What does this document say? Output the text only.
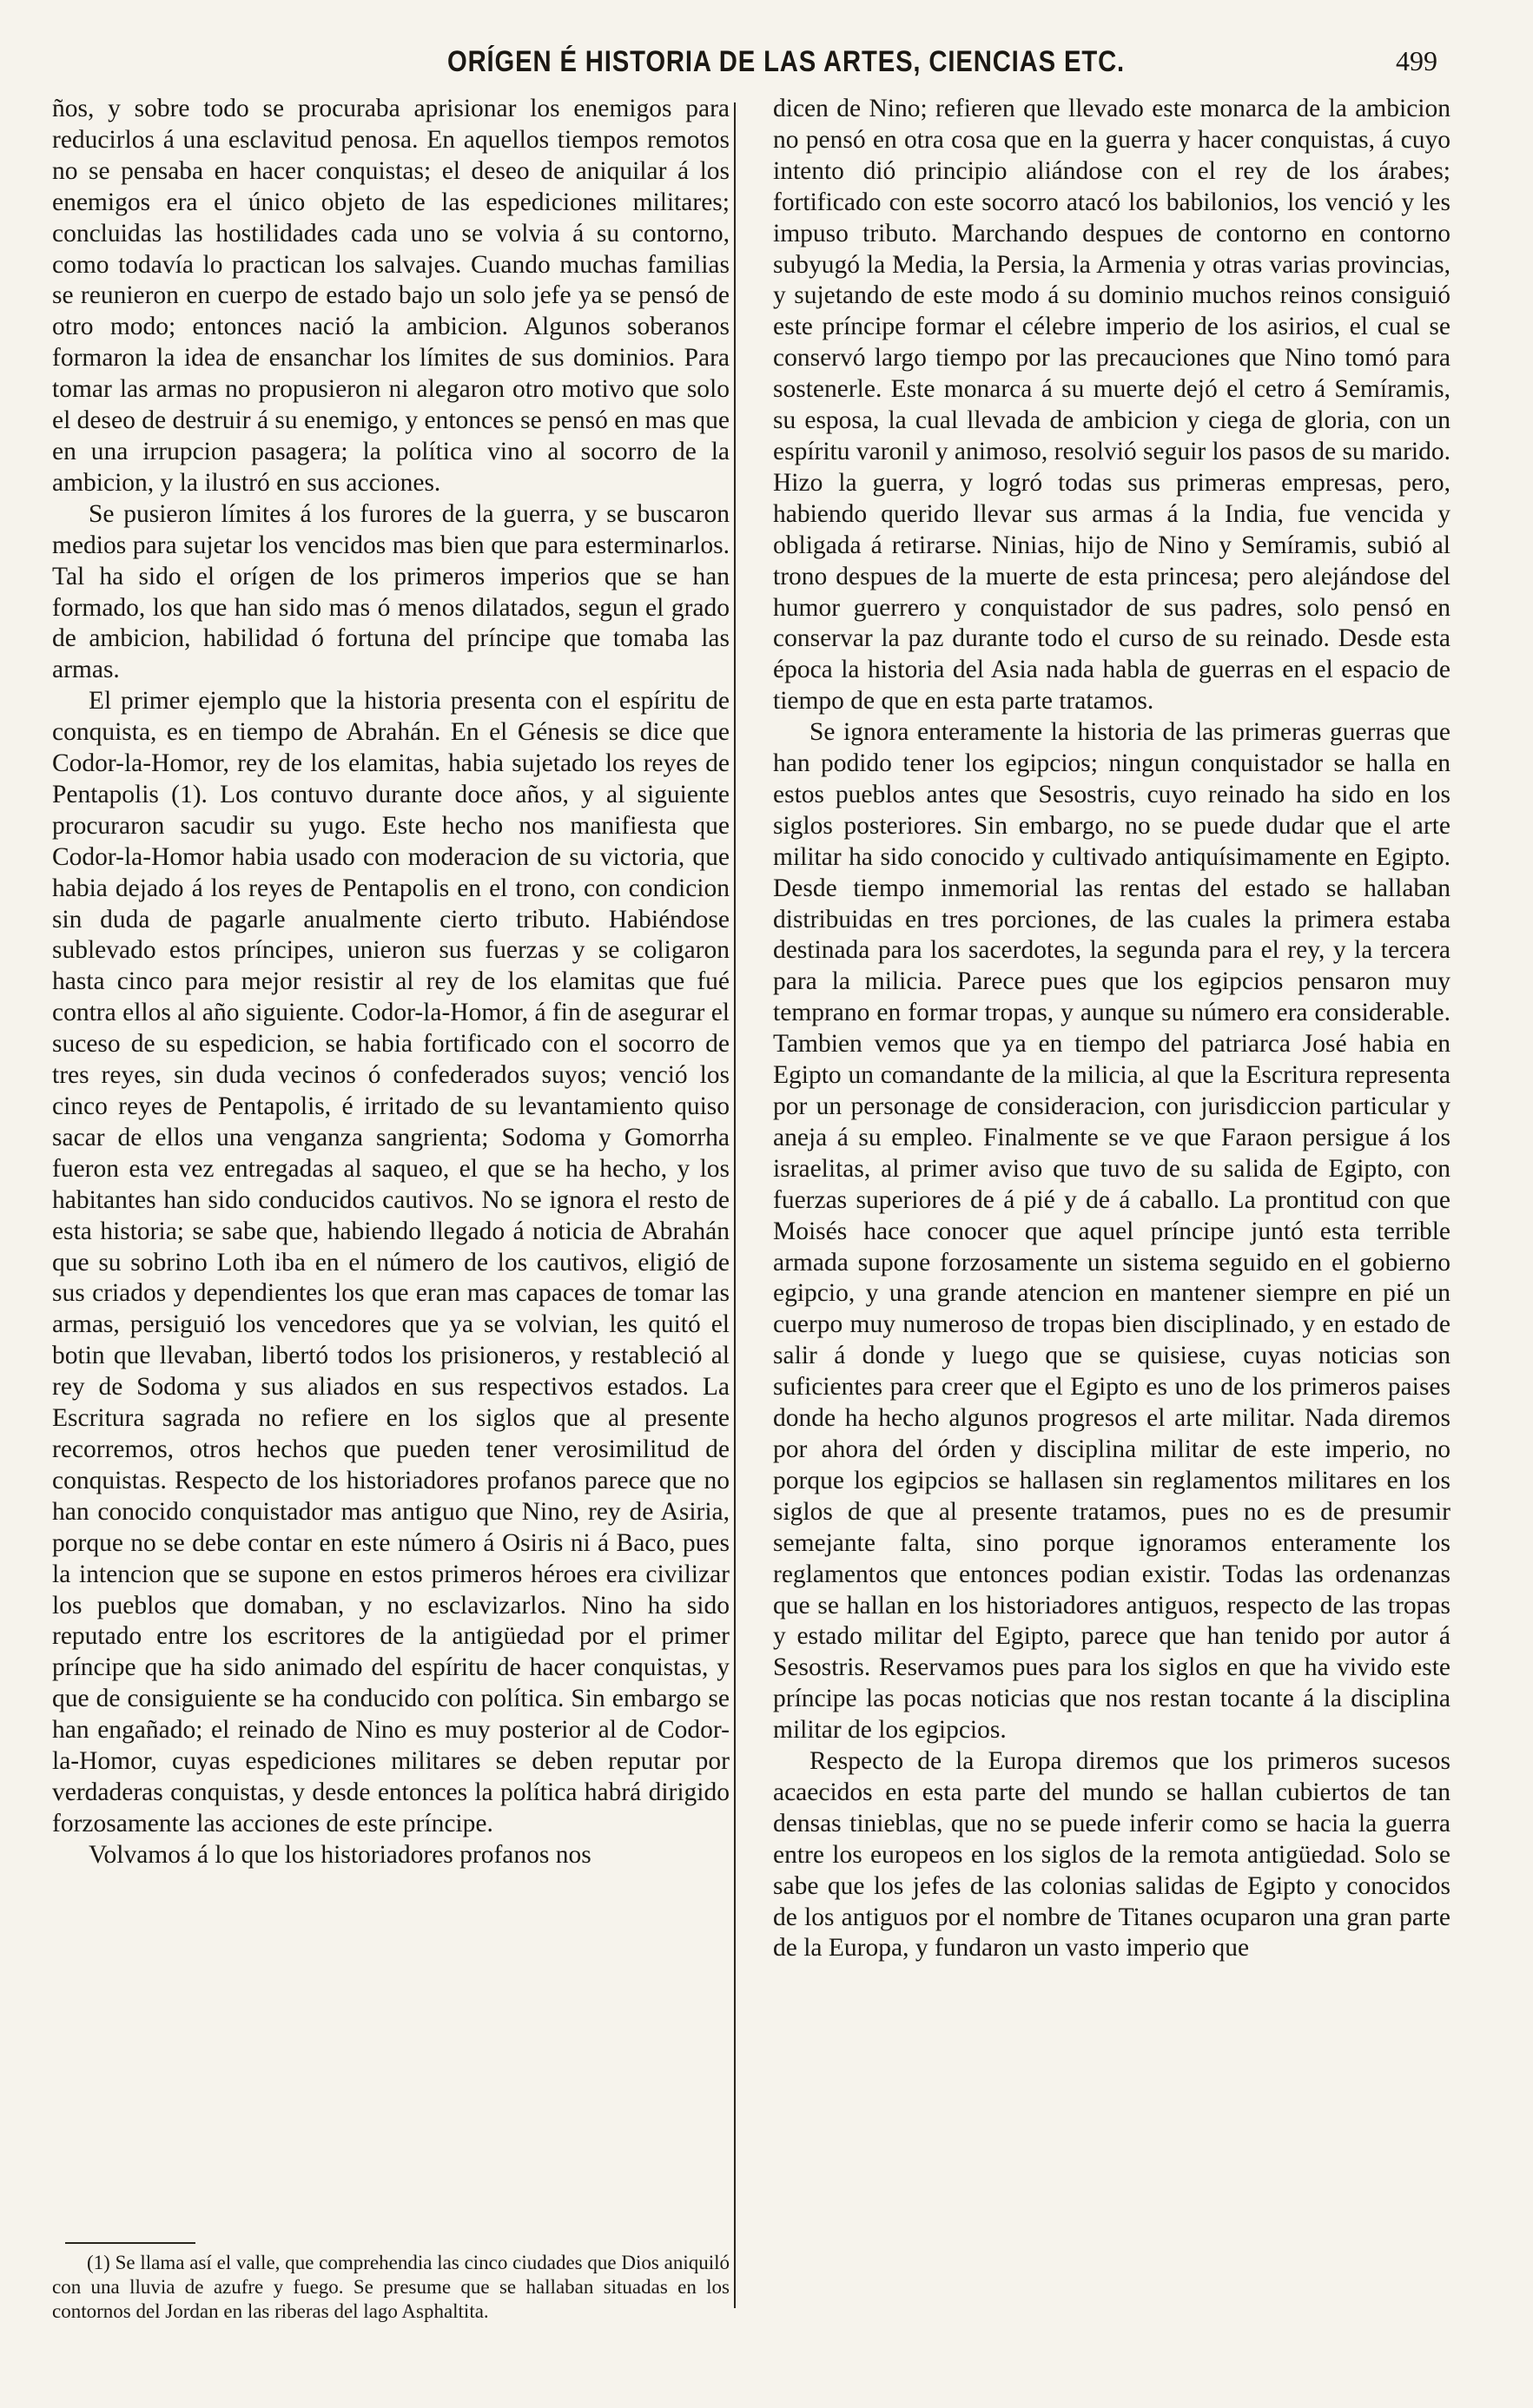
ORÍGEN É HISTORIA DE LAS ARTES, CIENCIAS ETC.	499

ños, y sobre todo se procuraba aprisionar los enemigos para reducirlos á una esclavitud penosa. En aquellos tiempos remotos no se pensaba en hacer conquistas; el deseo de aniquilar á los enemigos era el único objeto de las espediciones militares; concluidas las hostilidades cada uno se volvia á su contorno, como todavía lo practican los salvajes. Cuando muchas familias se reunieron en cuerpo de estado bajo un solo jefe ya se pensó de otro modo; entonces nació la ambicion. Algunos soberanos formaron la idea de ensanchar los límites de sus dominios. Para tomar las armas no propusieron ni alegaron otro motivo que solo el deseo de destruir á su enemigo, y entonces se pensó en mas que en una irrupcion pasagera; la política vino al socorro de la ambicion, y la ilustró en sus acciones.

Se pusieron límites á los furores de la guerra, y se buscaron medios para sujetar los vencidos mas bien que para esterminarlos. Tal ha sido el orígen de los primeros imperios que se han formado, los que han sido mas ó menos dilatados, segun el grado de ambicion, habilidad ó fortuna del príncipe que tomaba las armas.

El primer ejemplo que la historia presenta con el espíritu de conquista, es en tiempo de Abrahán. En el Génesis se dice que Codor-la-Homor, rey de los elamitas, habia sujetado los reyes de Pentapolis (1). Los contuvo durante doce años, y al siguiente procuraron sacudir su yugo. Este hecho nos manifiesta que Codor-la-Homor habia usado con moderacion de su victoria, que habia dejado á los reyes de Pentapolis en el trono, con condicion sin duda de pagarle anualmente cierto tributo. Habiéndose sublevado estos príncipes, unieron sus fuerzas y se coligaron hasta cinco para mejor resistir al rey de los elamitas que fué contra ellos al año siguiente. Codor-la-Homor, á fin de asegurar el suceso de su espedicion, se habia fortificado con el socorro de tres reyes, sin duda vecinos ó confederados suyos; venció los cinco reyes de Pentapolis, é irritado de su levantamiento quiso sacar de ellos una venganza sangrienta; Sodoma y Gomorrha fueron esta vez entregadas al saqueo, el que se ha hecho, y los habitantes han sido conducidos cautivos. No se ignora el resto de esta historia; se sabe que, habiendo llegado á noticia de Abrahán que su sobrino Loth iba en el número de los cautivos, eligió de sus criados y dependientes los que eran mas capaces de tomar las armas, persiguió los vencedores que ya se volvian, les quitó el botin que llevaban, libertó todos los prisioneros, y restableció al rey de Sodoma y sus aliados en sus respectivos estados. La Escritura sagrada no refiere en los siglos que al presente recorremos, otros hechos que pueden tener verosimilitud de conquistas. Respecto de los historiadores profanos parece que no han conocido conquistador mas antiguo que Nino, rey de Asiria, porque no se debe contar en este número á Osiris ni á Baco, pues la intencion que se supone en estos primeros héroes era civilizar los pueblos que domaban, y no esclavizarlos. Nino ha sido reputado entre los escritores de la antigüedad por el primer príncipe que ha sido animado del espíritu de hacer conquistas, y que de consiguiente se ha conducido con política. Sin embargo se han engañado; el reinado de Nino es muy posterior al de Codor-la-Homor, cuyas espediciones militares se deben reputar por verdaderas conquistas, y desde entonces la política habrá dirigido forzosamente las acciones de este príncipe.

Volvamos á lo que los historiadores profanos nos

dicen de Nino; refieren que llevado este monarca de la ambicion no pensó en otra cosa que en la guerra y hacer conquistas, á cuyo intento dió principio aliándose con el rey de los árabes; fortificado con este socorro atacó los babilonios, los venció y les impuso tributo. Marchando despues de contorno en contorno subyugó la Media, la Persia, la Armenia y otras varias provincias, y sujetando de este modo á su dominio muchos reinos consiguió este príncipe formar el célebre imperio de los asirios, el cual se conservó largo tiempo por las precauciones que Nino tomó para sostenerle. Este monarca á su muerte dejó el cetro á Semíramis, su esposa, la cual llevada de ambicion y ciega de gloria, con un espíritu varonil y animoso, resolvió seguir los pasos de su marido. Hizo la guerra, y logró todas sus primeras empresas, pero, habiendo querido llevar sus armas á la India, fue vencida y obligada á retirarse. Ninias, hijo de Nino y Semíramis, subió al trono despues de la muerte de esta princesa; pero alejándose del humor guerrero y conquistador de sus padres, solo pensó en conservar la paz durante todo el curso de su reinado. Desde esta época la historia del Asia nada habla de guerras en el espacio de tiempo de que en esta parte tratamos.

Se ignora enteramente la historia de las primeras guerras que han podido tener los egipcios; ningun conquistador se halla en estos pueblos antes que Sesostris, cuyo reinado ha sido en los siglos posteriores. Sin embargo, no se puede dudar que el arte militar ha sido conocido y cultivado antiquísimamente en Egipto. Desde tiempo inmemorial las rentas del estado se hallaban distribuidas en tres porciones, de las cuales la primera estaba destinada para los sacerdotes, la segunda para el rey, y la tercera para la milicia. Parece pues que los egipcios pensaron muy temprano en formar tropas, y aunque su número era considerable. Tambien vemos que ya en tiempo del patriarca José habia en Egipto un comandante de la milicia, al que la Escritura representa por un personage de consideracion, con jurisdiccion particular y aneja á su empleo. Finalmente se ve que Faraon persigue á los israelitas, al primer aviso que tuvo de su salida de Egipto, con fuerzas superiores de á pié y de á caballo. La prontitud con que Moisés hace conocer que aquel príncipe juntó esta terrible armada supone forzosamente un sistema seguido en el gobierno egipcio, y una grande atencion en mantener siempre en pié un cuerpo muy numeroso de tropas bien disciplinado, y en estado de salir á donde y luego que se quisiese, cuyas noticias son suficientes para creer que el Egipto es uno de los primeros paises donde ha hecho algunos progresos el arte militar. Nada diremos por ahora del órden y disciplina militar de este imperio, no porque los egipcios se hallasen sin reglamentos militares en los siglos de que al presente tratamos, pues no es de presumir semejante falta, sino porque ignoramos enteramente los reglamentos que entonces podian existir. Todas las ordenanzas que se hallan en los historiadores antiguos, respecto de las tropas y estado militar del Egipto, parece que han tenido por autor á Sesostris. Reservamos pues para los siglos en que ha vivido este príncipe las pocas noticias que nos restan tocante á la disciplina militar de los egipcios.

Respecto de la Europa diremos que los primeros sucesos acaecidos en esta parte del mundo se hallan cubiertos de tan densas tinieblas, que no se puede inferir como se hacia la guerra entre los europeos en los siglos de la remota antigüedad. Solo se sabe que los jefes de las colonias salidas de Egipto y conocidos de los antiguos por el nombre de Titanes ocuparon una gran parte de la Europa, y fundaron un vasto imperio que

(1) Se llama así el valle, que comprehendia las cinco ciudades que Dios aniquiló con una lluvia de azufre y fuego. Se presume que se hallaban situadas en los contornos del Jordan en las riberas del lago Asphaltita.
